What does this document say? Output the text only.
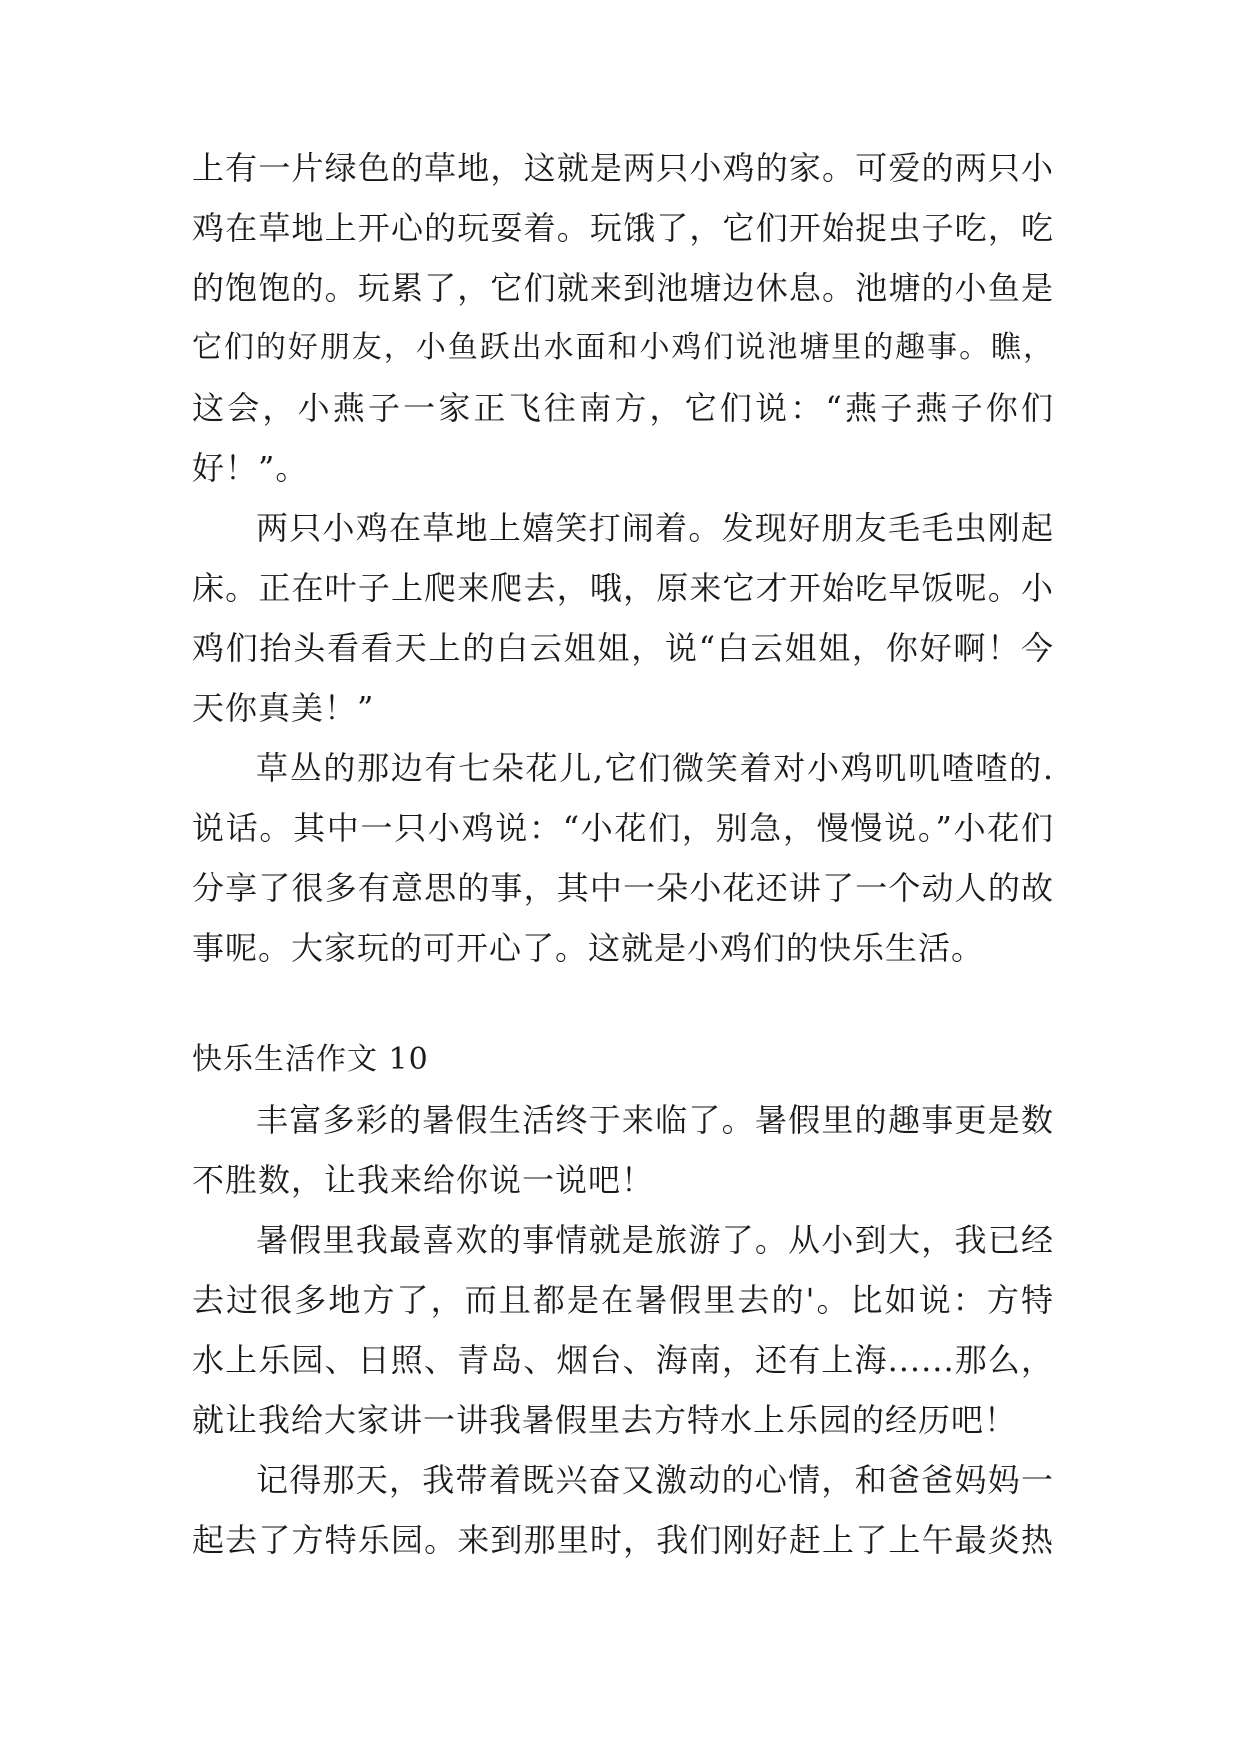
上有一片绿色的草地，这就是两只小鸡的家。可爱的两只小
鸡在草地上开心的玩耍着。玩饿了，它们开始捉虫子吃，吃
的饱饱的。玩累了，它们就来到池塘边休息。池塘的小鱼是
它们的好朋友，小鱼跃出水面和小鸡们说池塘里的趣事。瞧，
这会，小燕子一家正飞往南方，它们说：“燕子燕子你们
好！”。
两只小鸡在草地上嬉笑打闹着。发现好朋友毛毛虫刚起
床。正在叶子上爬来爬去，哦，原来它才开始吃早饭呢。小
鸡们抬头看看天上的白云姐姐，说“白云姐姐，你好啊！今
天你真美！”
草丛的那边有七朵花儿,它们微笑着对小鸡叽叽喳喳的.
说话。其中一只小鸡说：“小花们，别急，慢慢说。”小花们
分享了很多有意思的事，其中一朵小花还讲了一个动人的故
事呢。大家玩的可开心了。这就是小鸡们的快乐生活。
快乐生活作文 10
丰富多彩的暑假生活终于来临了。暑假里的趣事更是数
不胜数，让我来给你说一说吧！
暑假里我最喜欢的事情就是旅游了。从小到大，我已经
去过很多地方了，而且都是在暑假里去的'。比如说：方特
水上乐园、日照、青岛、烟台、海南，还有上海......那么，
就让我给大家讲一讲我暑假里去方特水上乐园的经历吧！
记得那天，我带着既兴奋又激动的心情，和爸爸妈妈一
起去了方特乐园。来到那里时，我们刚好赶上了上午最炎热
